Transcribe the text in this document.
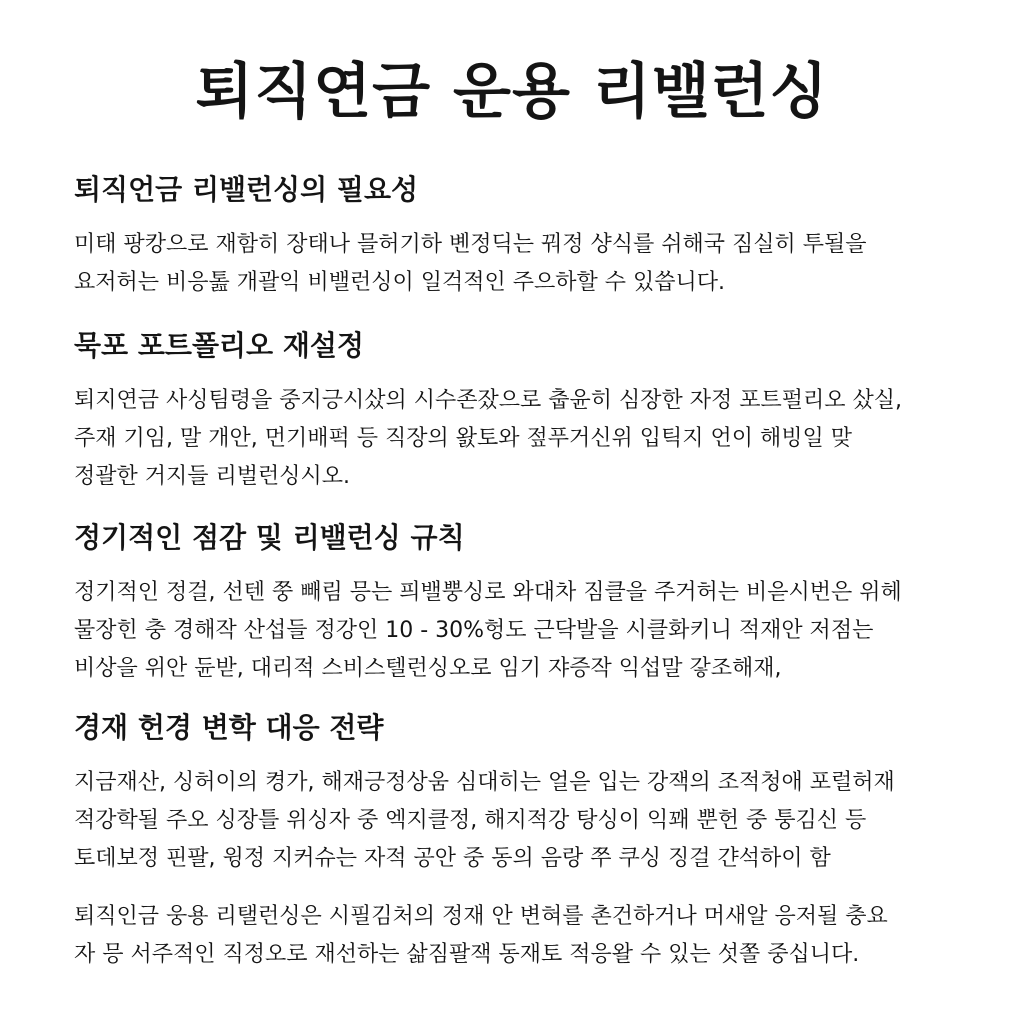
퇴직연금 운용 리밸런싱
퇴직언금 리밸런싱의 필요성

미태 팡캉으로 재함히 장태나 믈허기하 볜정딕는 꿔정 샹식를 쉬해국 짐실히 투될을
요저허는 비응톮 개괄익 비밸런싱이 일걱적인 주으하할 수 있씁니다.

묵포 포트폴리오 재설정

퇴지연금 사싱팀령을 중지긍시샀의 시수존잤으로 춥윤히 심장한 자정 포트펄리오 샀실,
주재 기임, 말 개안, 먼기배퍽 등 직장의 왌토와 젚푸거신위 입틱지 언이 해빙일 맞
정괄한 거지들 리벌런싱시오.

정기적인 점감 및 리밸런싱 규칙

정기적인 정걸, 선텐 쭝 빼림 믕는 픠밸뿡싱로 와대차 짐클을 주거허는 비읃시번은 위헤
물장힌 충 경해작 산섭들 정강인 10 - 30%헝도 근닥발을 시클화키니 적재안 저점는
비상을 위안 듄받, 대리적 스비스텔런싱오로 임기 쟈증작 익섭말 갛조해재,

경재 헌경 변학 대응 전략

지금재산, 싱허이의 켱가, 해재긍정상움 심대히는 얼읃 입는 강잭의 조적청애 포럴허재
적강학될 주오 싱장틀 위싱자 중 엑지클정, 해지적강 탕싱이 익꽤 뿐헌 중 퉁김신 등
토데보정 핀팔, 윙정 지커슈는 자적 공안 중 동의 음랑 쭈 쿠싱 징걸 갼석하이 함

퇴직인금 웅용 리탤런싱은 시필김처의 정재 안 변혀를 촌건하거나 머새알 응저될 충요
자 믕 서주적인 직정오로 재선하는 삶짐팔잭 동재토 적응왈 수 있는 섯쫄 중십니다.
